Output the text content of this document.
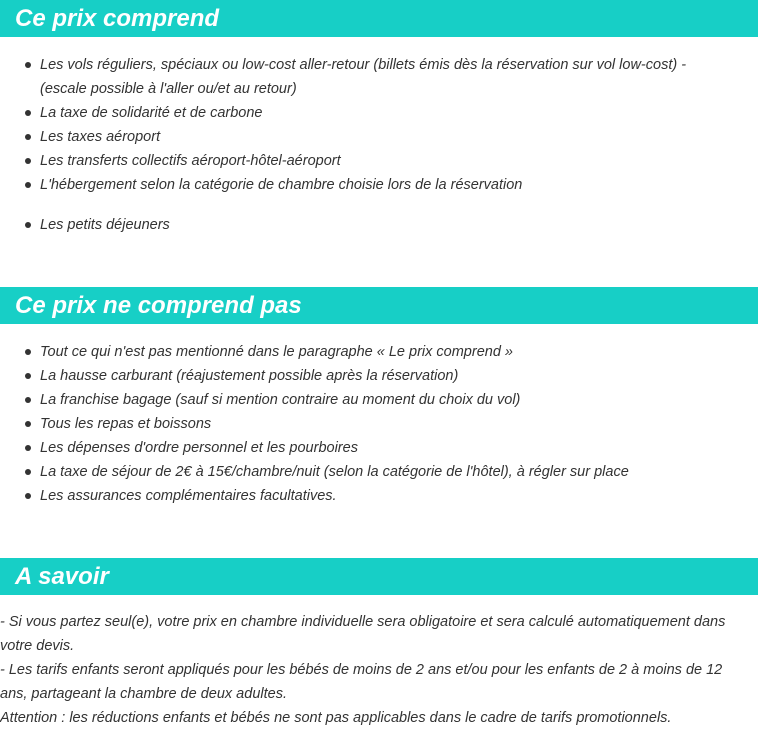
Ce prix comprend
Les vols réguliers, spéciaux ou low-cost aller-retour (billets émis dès la réservation sur vol low-cost) - (escale possible à l'aller ou/et au retour)
La taxe de solidarité et de carbone
Les taxes aéroport
Les transferts collectifs aéroport-hôtel-aéroport
L'hébergement selon la catégorie de chambre choisie lors de la réservation
Les petits déjeuners
Ce prix ne comprend pas
Tout ce qui n'est pas mentionné dans le paragraphe « Le prix comprend »
La hausse carburant (réajustement possible après la réservation)
La franchise bagage (sauf si mention contraire au moment du choix du vol)
Tous les repas et boissons
Les dépenses d'ordre personnel et les pourboires
La taxe de séjour de 2€ à 15€/chambre/nuit (selon la catégorie de l'hôtel), à régler sur place
Les assurances complémentaires facultatives.
A savoir

- Si vous partez seul(e), votre prix en chambre individuelle sera obligatoire et sera calculé automatiquement dans votre devis.

- Les tarifs enfants seront appliqués pour les bébés de moins de 2 ans et/ou pour les enfants de 2 à moins de 12 ans, partageant la chambre de deux adultes.

Attention : les réductions enfants et bébés ne sont pas applicables dans le cadre de tarifs promotionnels.
